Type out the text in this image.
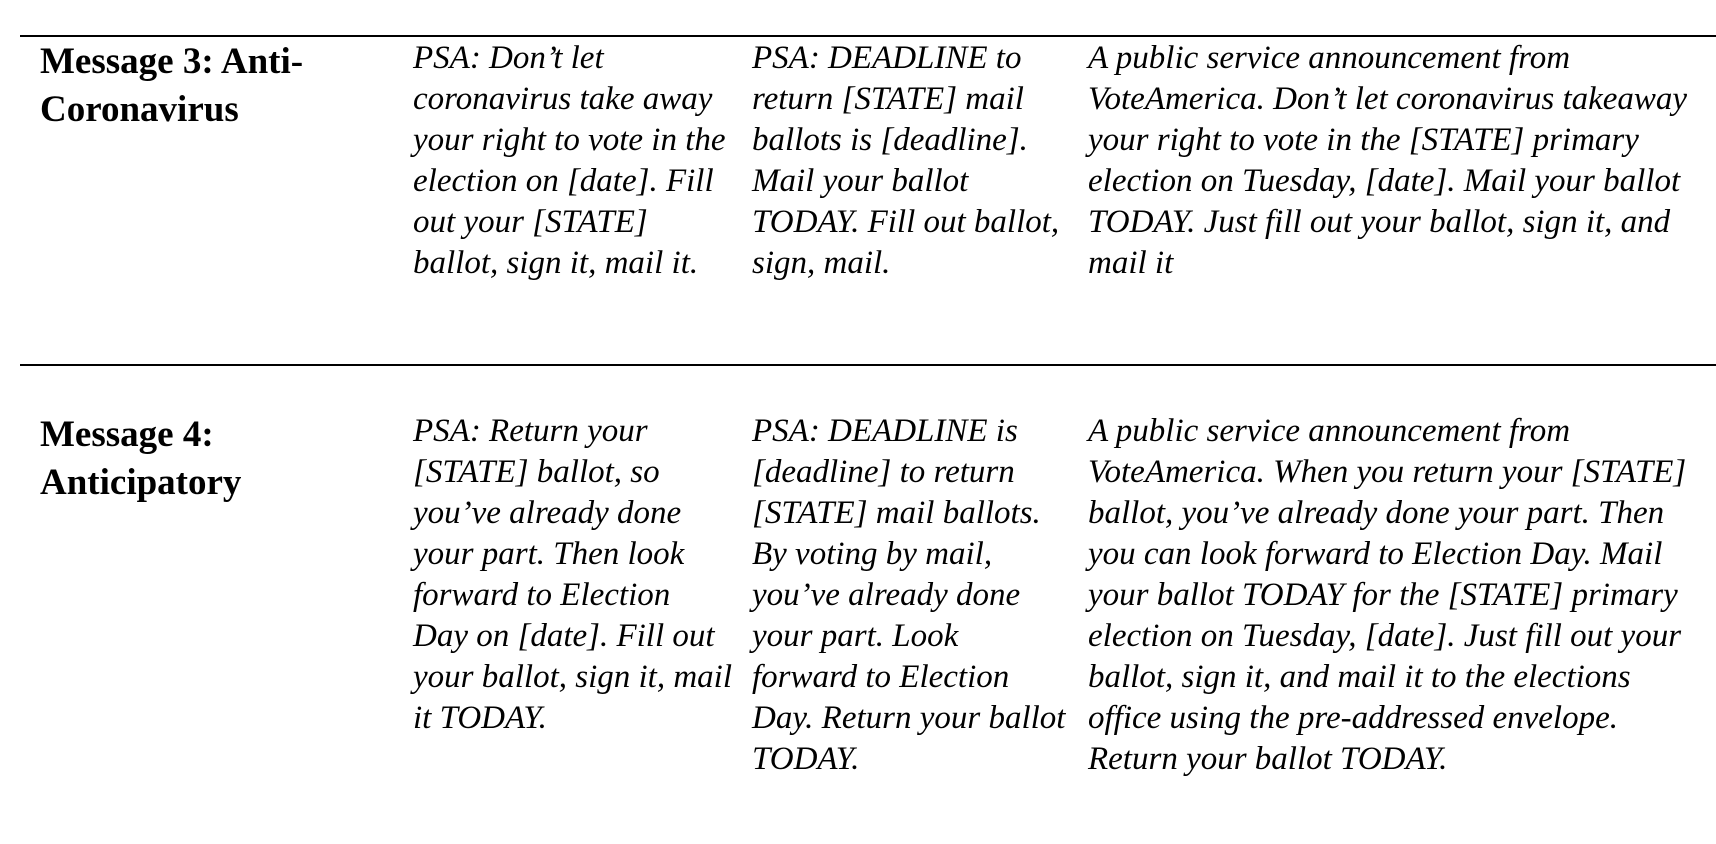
Message 3: Anti-Coronavirus

PSA: Don’t let coronavirus take away your right to vote in the election on [date]. Fill out your [STATE] ballot, sign it, mail it.

PSA: DEADLINE to return [STATE] mail ballots is [deadline]. Mail your ballot TODAY. Fill out ballot, sign, mail.

A public service announcement from VoteAmerica. Don’t let coronavirus takeaway your right to vote in the [STATE] primary election on Tuesday, [date]. Mail your ballot TODAY. Just fill out your ballot, sign it, and mail it

Message 4: Anticipatory

PSA: Return your [STATE] ballot, so you’ve already done your part. Then look forward to Election Day on [date]. Fill out your ballot, sign it, mail it TODAY.

PSA: DEADLINE is [deadline] to return [STATE] mail ballots. By voting by mail, you’ve already done your part. Look forward to Election Day. Return your ballot TODAY.

A public service announcement from VoteAmerica. When you return your [STATE] ballot, you’ve already done your part. Then you can look forward to Election Day. Mail your ballot TODAY for the [STATE] primary election on Tuesday, [date]. Just fill out your ballot, sign it, and mail it to the elections office using the pre-addressed envelope. Return your ballot TODAY.
